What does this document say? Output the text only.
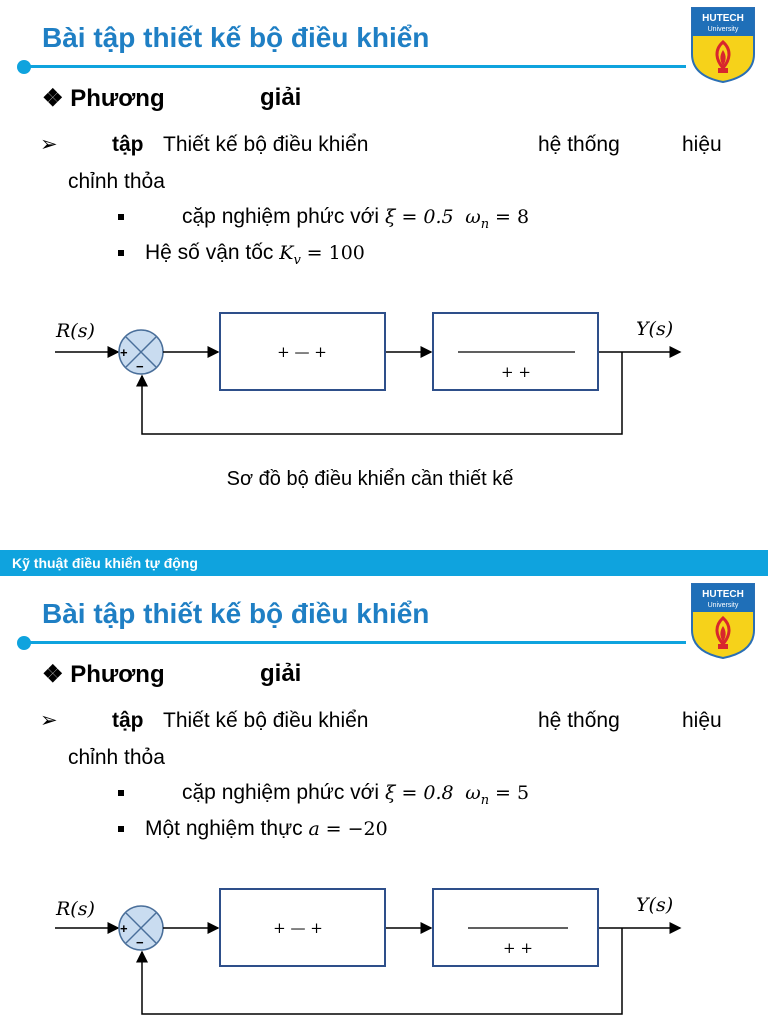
Bài tập thiết kế bộ điều khiển
HUTECH
University
❖ Phương	giải
➢	tập Thiết kế bộ điều khiển	hệ thống	hiệu
chỉnh thỏa
cặp nghiệm phức với ξ = 0.5 $\omega_n = 8$
Hệ số vận tốc $K_v = 100$
R(s)
+
−
+ — +
+ +
Y(s)
Sơ đồ bộ điều khiển cần thiết kế
Kỹ thuật điều khiển tự động
Bài tập thiết kế bộ điều khiển
HUTECH
University
❖ Phương	giải
➢	tập Thiết kế bộ điều khiển	hệ thống	hiệu
chỉnh thỏa
cặp nghiệm phức với ξ = 0.8 $\omega_n = 5$
Một nghiệm thực a = −20
R(s)
+
−
+ — +
+ +
Y(s)
